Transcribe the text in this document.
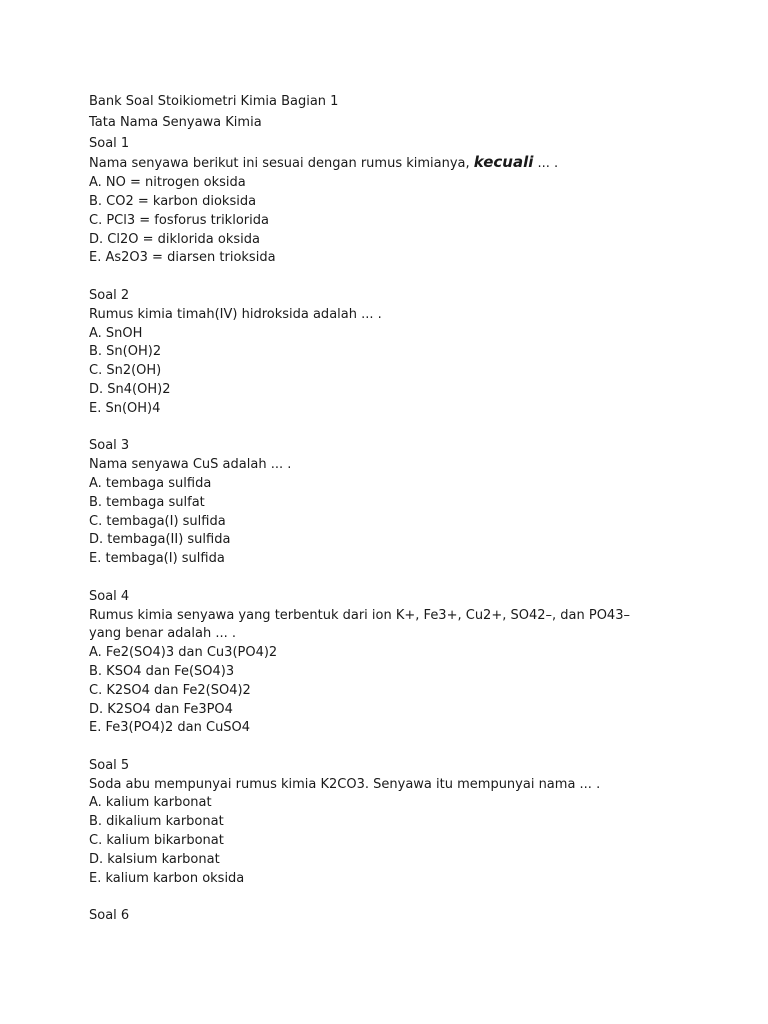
Bank Soal Stoikiometri Kimia Bagian 1
Tata Nama Senyawa Kimia
Soal 1
Nama senyawa berikut ini sesuai dengan rumus kimianya, kecuali ... .
A. NO = nitrogen oksida
B. CO2 = karbon dioksida
C. PCl3 = fosforus triklorida
D. Cl2O = diklorida oksida
E. As2O3 = diarsen trioksida
Soal 2
Rumus kimia timah(IV) hidroksida adalah ... .
A. SnOH
B. Sn(OH)2
C. Sn2(OH)
D. Sn4(OH)2
E. Sn(OH)4
Soal 3
Nama senyawa CuS adalah ... .
A. tembaga sulfida
B. tembaga sulfat
C. tembaga(I) sulfida
D. tembaga(II) sulfida
E. tembaga(I) sulfida
Soal 4
Rumus kimia senyawa yang terbentuk dari ion K+, Fe3+, Cu2+, SO42–, dan PO43–
yang benar adalah ... .
A. Fe2(SO4)3 dan Cu3(PO4)2
B. KSO4 dan Fe(SO4)3
C. K2SO4 dan Fe2(SO4)2
D. K2SO4 dan Fe3PO4
E. Fe3(PO4)2 dan CuSO4
Soal 5
Soda abu mempunyai rumus kimia K2CO3. Senyawa itu mempunyai nama ... .
A. kalium karbonat
B. dikalium karbonat
C. kalium bikarbonat
D. kalsium karbonat
E. kalium karbon oksida
Soal 6
